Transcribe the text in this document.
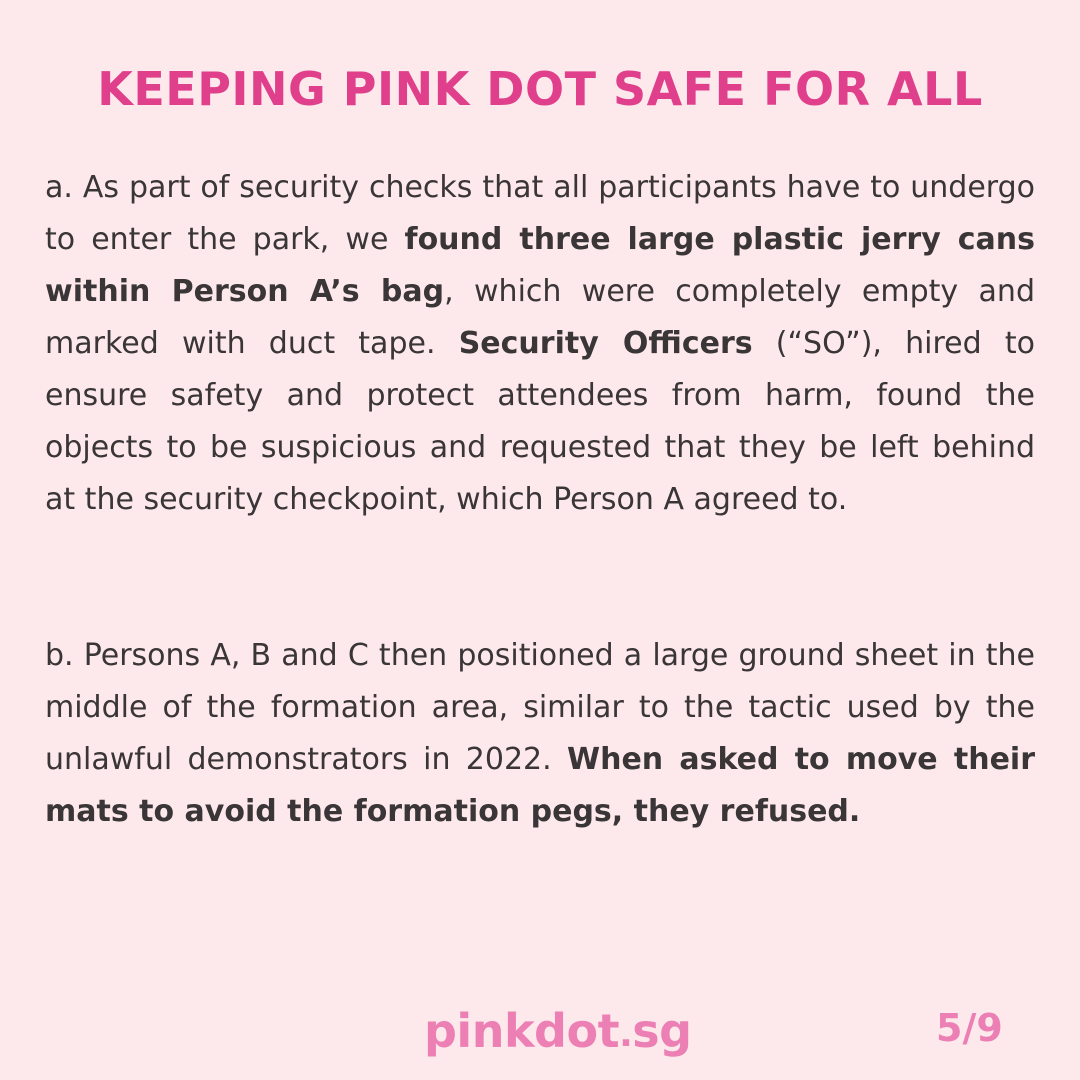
KEEPING PINK DOT SAFE FOR ALL

a. As part of security checks that all participants have to undergo to enter the park, we found three large plastic jerry cans within Person A’s bag, which were completely empty and marked with duct tape. Security Officers (“SO”), hired to ensure safety and protect attendees from harm, found the objects to be suspicious and requested that they be left behind at the security checkpoint, which Person A agreed to.

b. Persons A, B and C then positioned a large ground sheet in the middle of the formation area, similar to the tactic used by the unlawful demonstrators in 2022. When asked to move their mats to avoid the formation pegs, they refused.

pinkdot.sg	5/9
